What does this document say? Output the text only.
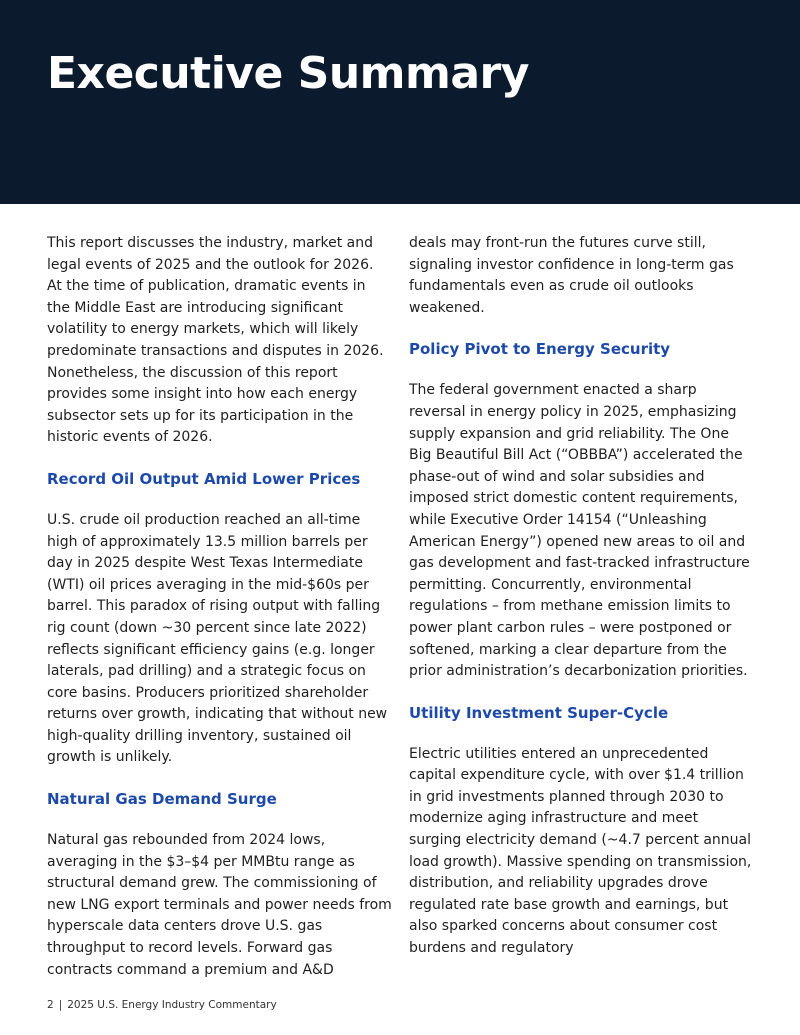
Executive Summary

This report discusses the industry, market and legal events of 2025 and the outlook for 2026. At the time of publication, dramatic events in the Middle East are introducing significant volatility to energy markets, which will likely predominate transactions and disputes in 2026. Nonetheless, the discussion of this report provides some insight into how each energy subsector sets up for its participation in the historic events of 2026.

Record Oil Output Amid Lower Prices

U.S. crude oil production reached an all-time high of approximately 13.5 million barrels per day in 2025 despite West Texas Intermediate (WTI) oil prices averaging in the mid-$60s per barrel. This paradox of rising output with falling rig count (down ~30 percent since late 2022) reflects significant efficiency gains (e.g. longer laterals, pad drilling) and a strategic focus on core basins. Producers prioritized shareholder returns over growth, indicating that without new high-quality drilling inventory, sustained oil growth is unlikely.

Natural Gas Demand Surge

Natural gas rebounded from 2024 lows, averaging in the $3–$4 per MMBtu range as structural demand grew. The commissioning of new LNG export terminals and power needs from hyperscale data centers drove U.S. gas throughput to record levels. Forward gas contracts command a premium and A&D

deals may front-run the futures curve still, signaling investor confidence in long-term gas fundamentals even as crude oil outlooks weakened.

Policy Pivot to Energy Security

The federal government enacted a sharp reversal in energy policy in 2025, emphasizing supply expansion and grid reliability. The One Big Beautiful Bill Act (“OBBBA”) accelerated the phase-out of wind and solar subsidies and imposed strict domestic content requirements, while Executive Order 14154 (“Unleashing American Energy”) opened new areas to oil and gas development and fast-tracked infrastructure permitting. Concurrently, environmental regulations – from methane emission limits to power plant carbon rules – were postponed or softened, marking a clear departure from the prior administration’s decarbonization priorities.

Utility Investment Super-Cycle

Electric utilities entered an unprecedented capital expenditure cycle, with over $1.4 trillion in grid investments planned through 2030 to modernize aging infrastructure and meet surging electricity demand (~4.7 percent annual load growth). Massive spending on transmission, distribution, and reliability upgrades drove regulated rate base growth and earnings, but also sparked concerns about consumer cost burdens and regulatory

2 | 2025 U.S. Energy Industry Commentary
